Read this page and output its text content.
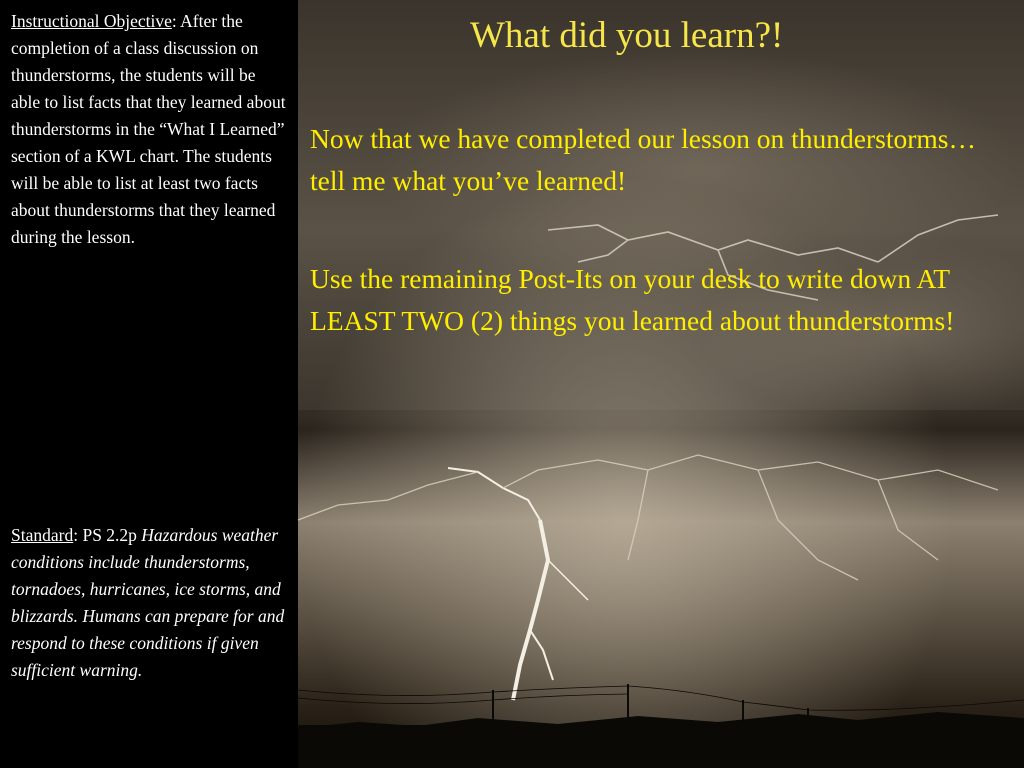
Instructional Objective: After the completion of a class discussion on thunderstorms, the students will be able to list facts that they learned about thunderstorms in the “What I Learned” section of a KWL chart. The students will be able to list at least two facts about thunderstorms that they learned during the lesson.
Standard: PS 2.2p Hazardous weather conditions include thunderstorms, tornadoes, hurricanes, ice storms, and blizzards. Humans can prepare for and respond to these conditions if given sufficient warning.
What did you learn?!
Now that we have completed our lesson on thunderstorms…tell me what you’ve learned!
Use the remaining Post-Its on your desk to write down AT LEAST TWO (2) things you learned about thunderstorms!
